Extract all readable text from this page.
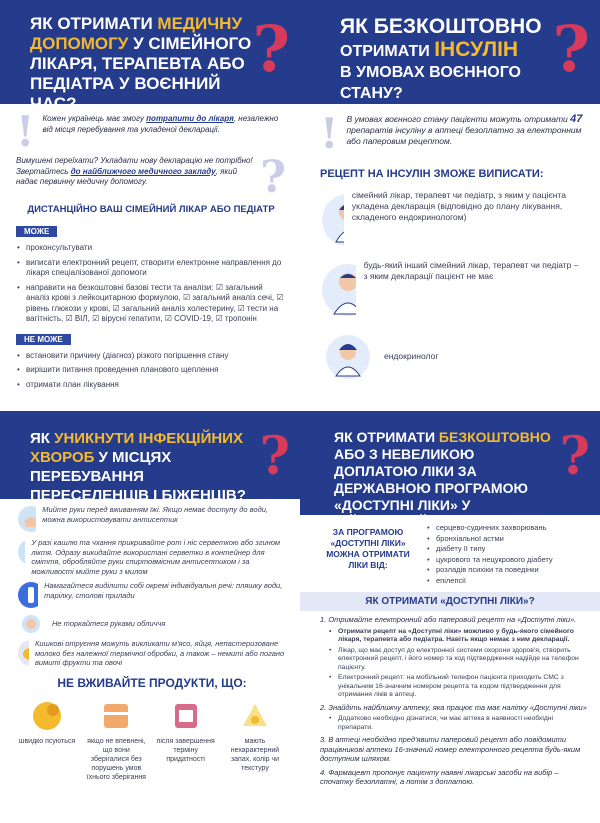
ЯК ОТРИМАТИ МЕДИЧНУ ДОПОМОГУ У СІМЕЙНОГО ЛІКАРЯ, ТЕРАПЕВТА АБО ПЕДІАТРА У ВОЄННИЙ ЧАС?
?
! Кожен українець має змогу потрапити до лікаря, незалежно від місця перебування та укладеної декларації.

?

Вимушені переїхати? Укладати нову декларацію не потрібно! Звертайтесь до найближчого медичного закладу, який надає первинну медичну допомогу.

ДИСТАНЦІЙНО ВАШ СІМЕЙНИЙ ЛІКАР АБО ПЕДІАТР
МОЖЕ
• проконсультувати
• виписати електронний рецепт, створити електронне направлення до лікаря спеціалізованої допомоги
• направити на безкоштовні базові тести та аналізи: ☑ загальний аналіз крові з лейкоцитарною формулою, ☑ загальний аналіз сечі, ☑ рівень глюкози у крові, ☑ загальний аналіз холестерину, ☑ тести на вагітність, ☑ ВІЛ, ☑ вірусні гепатити, ☑ COVID-19, ☑ тропонін
НЕ МОЖЕ
• встановити причину (діагноз) різкого погіршення стану
• вирішити питання проведення планового щеплення
• отримати план лікування
ЯК БЕЗКОШТОВНО
ОТРИМАТИ ІНСУЛІН
В УМОВАХ ВОЄННОГО СТАНУ?
?
! В умовах воєнного стану пацієнти можуть отримати 47 препаратів інсуліну в аптеці безоплатно за електронним або паперовим рецептом.

РЕЦЕПТ НА ІНСУЛІН ЗМОЖЕ ВИПИСАТИ:

сімейний лікар, терапевт чи педіатр, з яким у пацієнта укладена декларація (відповідно до плану лікування, складеного ендокринологом)

будь-який інший сімейний лікар, терапевт чи педіатр – з яким декларації пацієнт не має

ендокринолог

ЯК УНИКНУТИ ІНФЕКЦІЙНИХ ХВОРОБ У МІСЦЯХ ПЕРЕБУВАННЯ ПЕРЕСЕЛЕНЦІВ І БІЖЕНЦІВ?
?

Мийте руки перед вживанням їжі. Якщо немає доступу до води, можна використовувати антисептик

У разі кашлю та чхання прикривайте рот і ніс серветкою або згином ліктя. Одразу викидайте використані серветки в контейнер для сміття, обробляйте руки спиртовмісним антисептиком і за можливості мийте руки з милом

Намагайтеся виділити собі окремі індивідуальні речі: пляшку води, тарілку, столові прилади

Не торкайтеся руками обличчя

Кишкові отруєння можуть викликати м'ясо, яйця, непастеризоване молоко без належної термічної обробки, а також – немиті або погано вимиті фрукти та овочі

НЕ ВЖИВАЙТЕ ПРОДУКТИ, ЩО:
швидко псуються	якщо не впевнені, що вони зберігалися без порушень умов їхнього зберігання
після завершення терміну придатності
мають нехарактерний запах, колір чи текстуру
ЯК ОТРИМАТИ БЕЗКОШТОВНО АБО З НЕВЕЛИКОЮ ДОПЛАТОЮ ЛІКИ ЗА ДЕРЖАВНОЮ ПРОГРАМОЮ «ДОСТУПНІ ЛІКИ» У ВІЙСЬКОВИЙ ЧАС
?
ЗА ПРОГРАМОЮ «ДОСТУПНІ ЛІКИ» МОЖНА ОТРИМАТИ ЛІКИ ВІД:
• серцево-судинних захворювань
• бронхіальної астми
• діабету ІІ типу
• цукрового та нецукрового діабету
• розладів психіки та поведінки
• епілепсії
ЯК ОТРИМАТИ «ДОСТУПНІ ЛІКИ»?

1. Отримайте електронний або паперовий рецепт на «Доступні ліки».

• Отримати рецепт на «Доступні ліки» можливо у будь-якого сімейного лікаря, терапевта або педіатра. Навіть якщо немає з ним декларації.
• Лікар, що має доступ до електронної системи охорони здоров'я, створить електронний рецепт, і його номер та код підтвердження надійде на телефон пацієнту.
• Електронний рецепт: на мобільний телефон пацієнта приходить СМС з унікальним 16-значним номером рецепта та кодом підтвердження для отримання ліків в аптеці.

2. Знайдіть найближчу аптеку, яка працює та має наліпку «Доступні ліки»

• Додатково необхідно дізнатися, чи має аптека в наявності необхідні препарати.

3. В аптеці необхідно пред'явити паперовий рецепт або повідомити працівникові аптеки 16-значний номер електронного рецепта будь-яким доступним шляхом.

4. Фармацевт пропонує пацієнту наявні лікарські засоби на вибір – спочатку безоплатні, а потім з доплатою.
